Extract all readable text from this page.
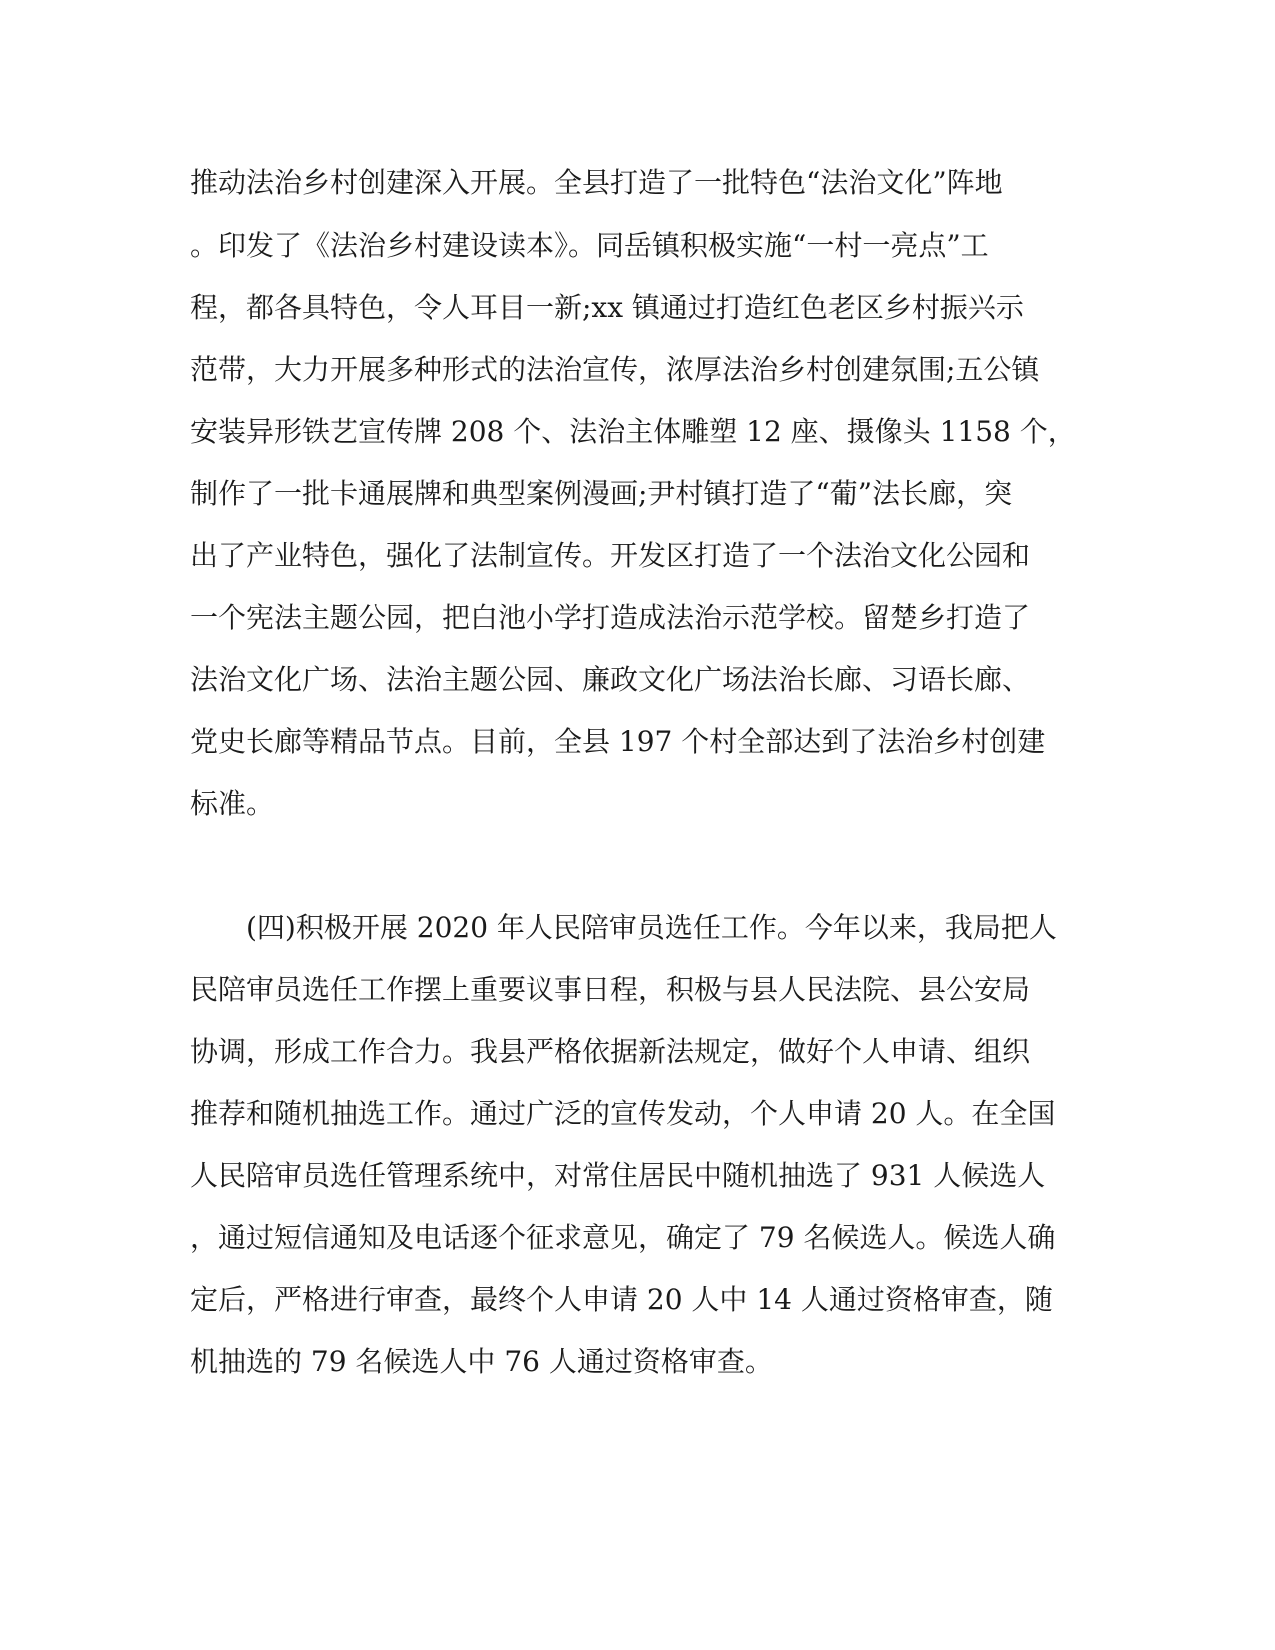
推动法治乡村创建深入开展。全县打造了一批特色“法治文化”阵地

。印发了《法治乡村建设读本》。同岳镇积极实施“一村一亮点”工

程，都各具特色，令人耳目一新;xx 镇通过打造红色老区乡村振兴示

范带，大力开展多种形式的法治宣传，浓厚法治乡村创建氛围;五公镇

安装异形铁艺宣传牌 208 个、法治主体雕塑 12 座、摄像头 1158 个，

制作了一批卡通展牌和典型案例漫画;尹村镇打造了“葡”法长廊，突

出了产业特色，强化了法制宣传。开发区打造了一个法治文化公园和

一个宪法主题公园，把白池小学打造成法治示范学校。留楚乡打造了

法治文化广场、法治主题公园、廉政文化广场法治长廊、习语长廊、

党史长廊等精品节点。目前，全县 197 个村全部达到了法治乡村创建

标准。

(四)积极开展 2020 年人民陪审员选任工作。今年以来，我局把人

民陪审员选任工作摆上重要议事日程，积极与县人民法院、县公安局

协调，形成工作合力。我县严格依据新法规定，做好个人申请、组织

推荐和随机抽选工作。通过广泛的宣传发动，个人申请 20 人。在全国

人民陪审员选任管理系统中，对常住居民中随机抽选了 931 人候选人

，通过短信通知及电话逐个征求意见，确定了 79 名候选人。候选人确

定后，严格进行审查，最终个人申请 20 人中 14 人通过资格审查，随

机抽选的 79 名候选人中 76 人通过资格审查。
